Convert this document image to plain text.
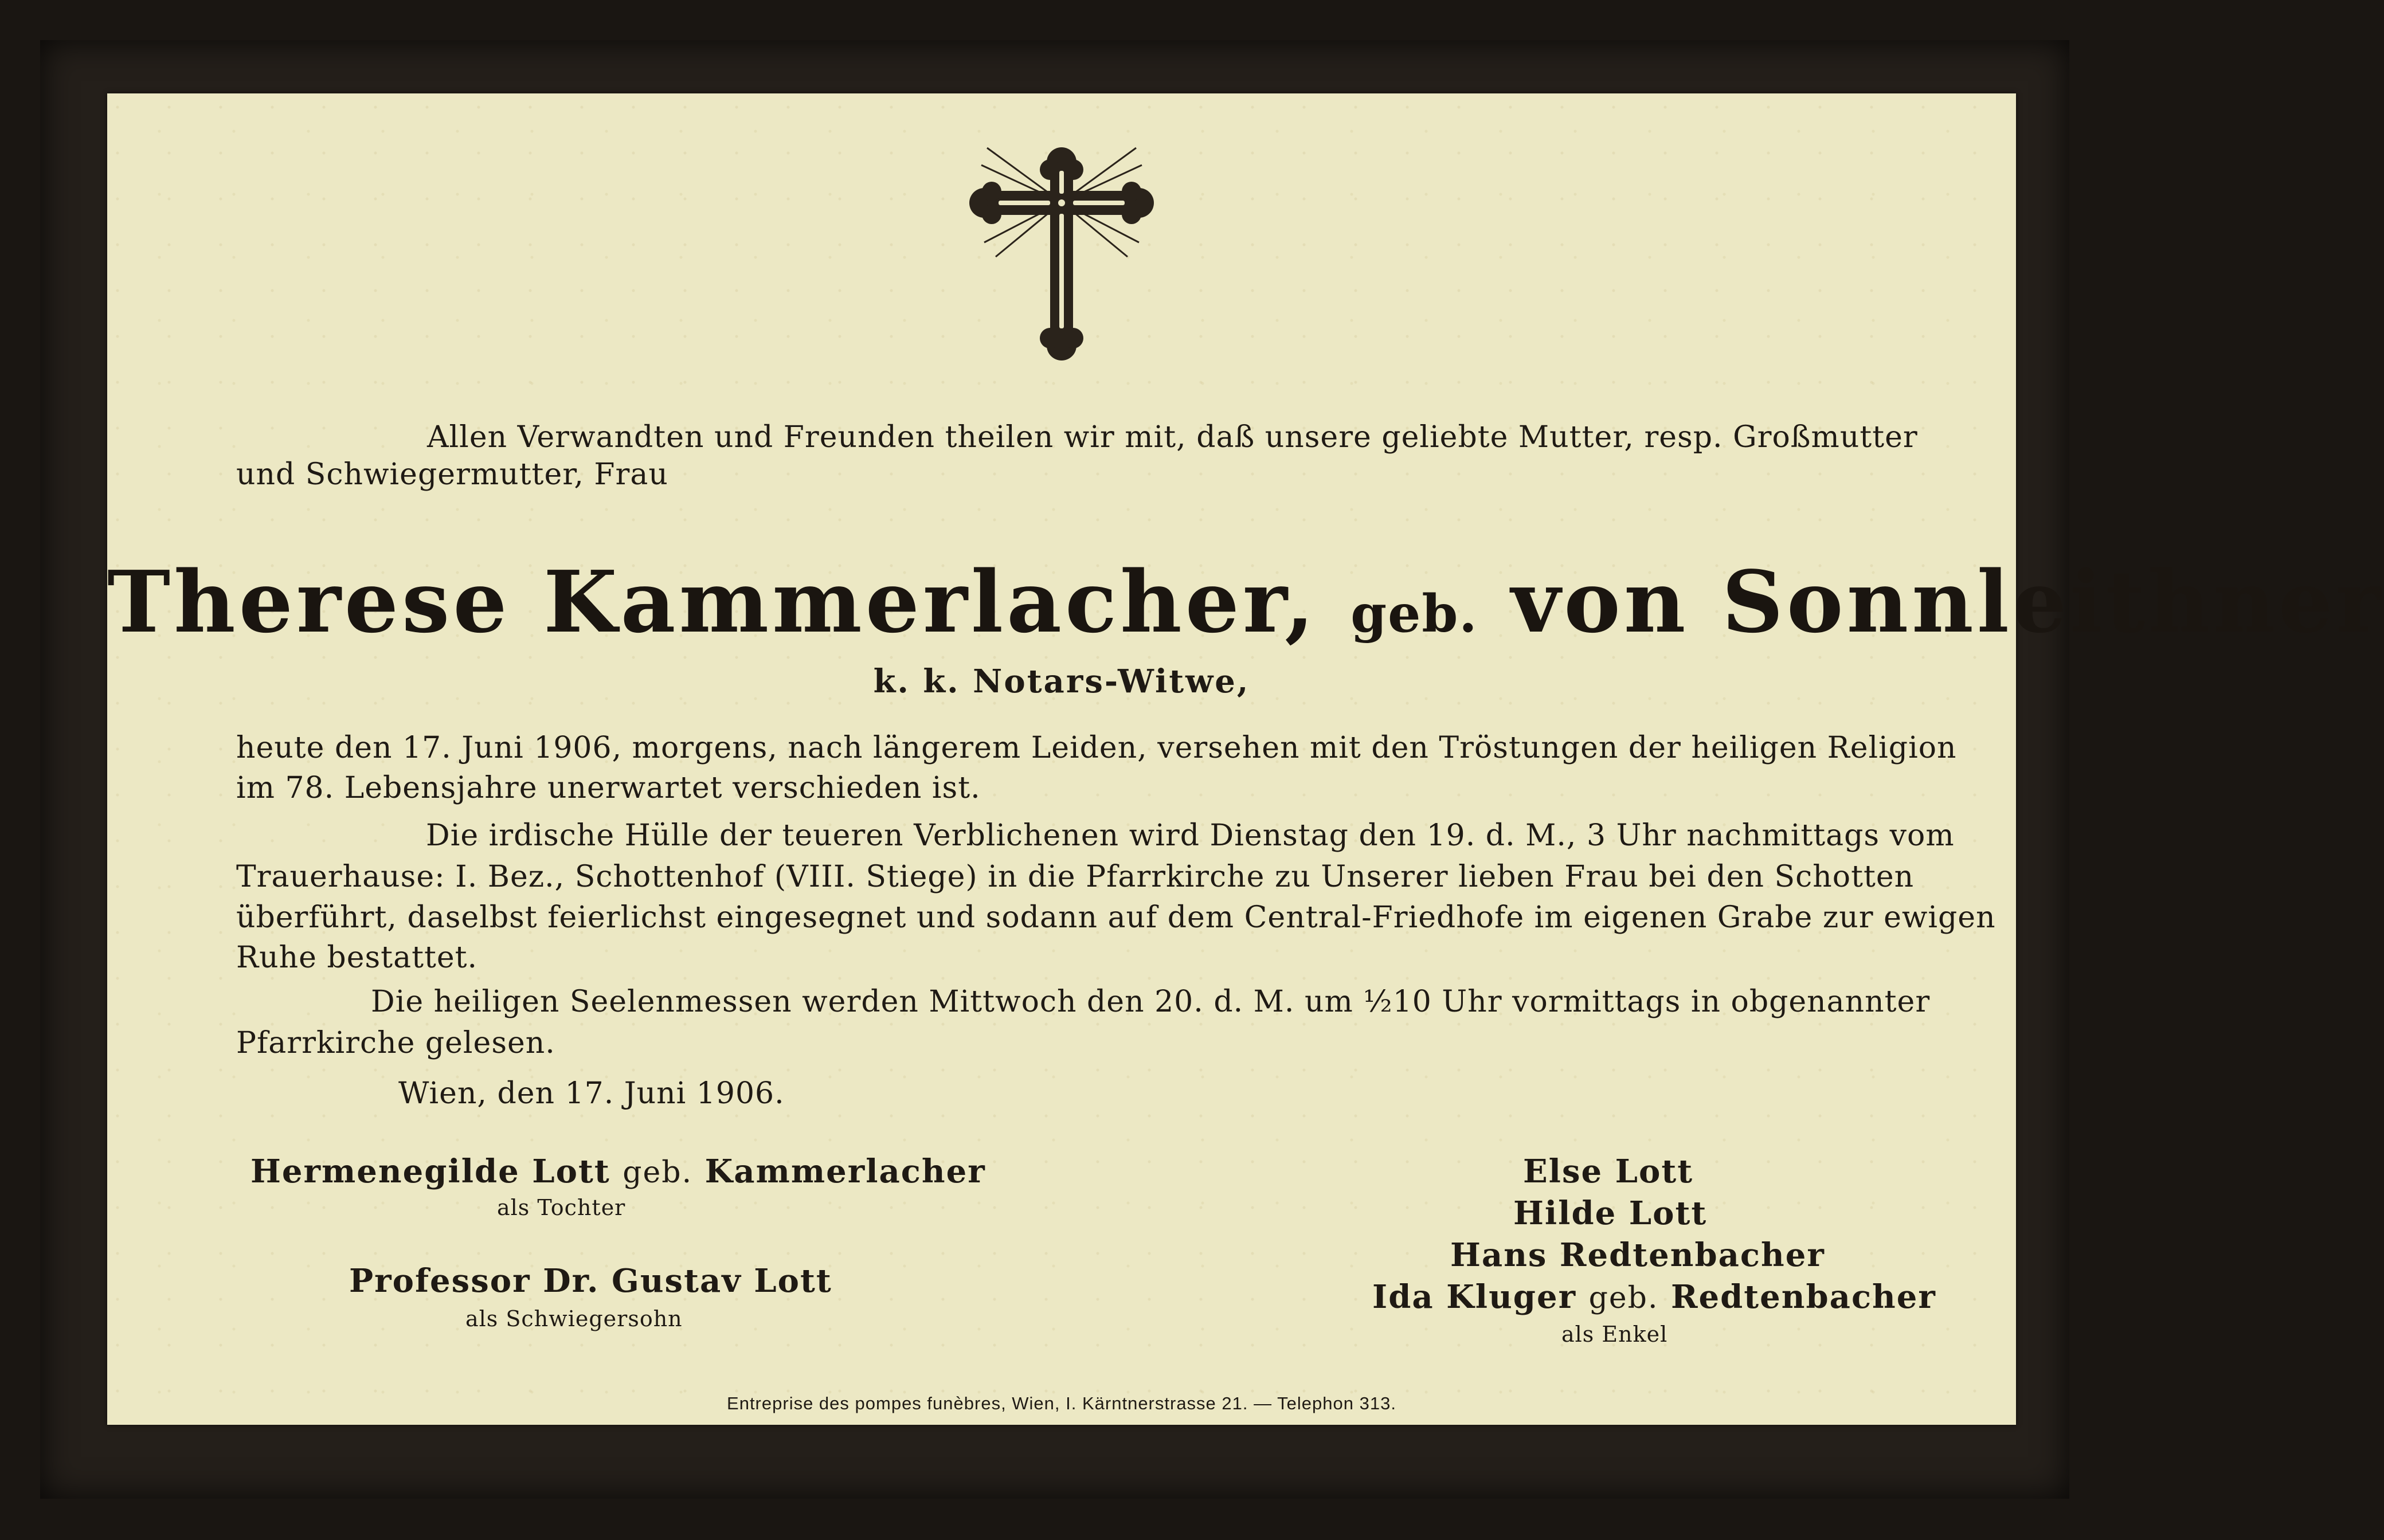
Allen Verwandten und Freunden theilen wir mit, daß unsere geliebte Mutter, resp. Großmutter
und Schwiegermutter, Frau
Therese Kammerlacher, geb. von Sonnleithner
k. k. Notars-Witwe,
heute den 17. Juni 1906, morgens, nach längerem Leiden, versehen mit den Tröstungen der heiligen Religion
im 78. Lebensjahre unerwartet verschieden ist.
Die irdische Hülle der teueren Verblichenen wird Dienstag den 19. d. M., 3 Uhr nachmittags vom
Trauerhause: I. Bez., Schottenhof (VIII. Stiege) in die Pfarrkirche zu Unserer lieben Frau bei den Schotten
überführt, daselbst feierlichst eingesegnet und sodann auf dem Central-Friedhofe im eigenen Grabe zur ewigen
Ruhe bestattet.
Die heiligen Seelenmessen werden Mittwoch den 20. d. M. um ½10 Uhr vormittags in obgenannter
Pfarrkirche gelesen.
Wien, den 17. Juni 1906.
Hermenegilde Lott geb. Kammerlacher
als Tochter
Professor Dr. Gustav Lott
als Schwiegersohn
Else Lott
Hilde Lott
Hans Redtenbacher
Ida Kluger geb. Redtenbacher
als Enkel
Entreprise des pompes funèbres, Wien, I. Kärntnerstrasse 21. — Telephon 313.
